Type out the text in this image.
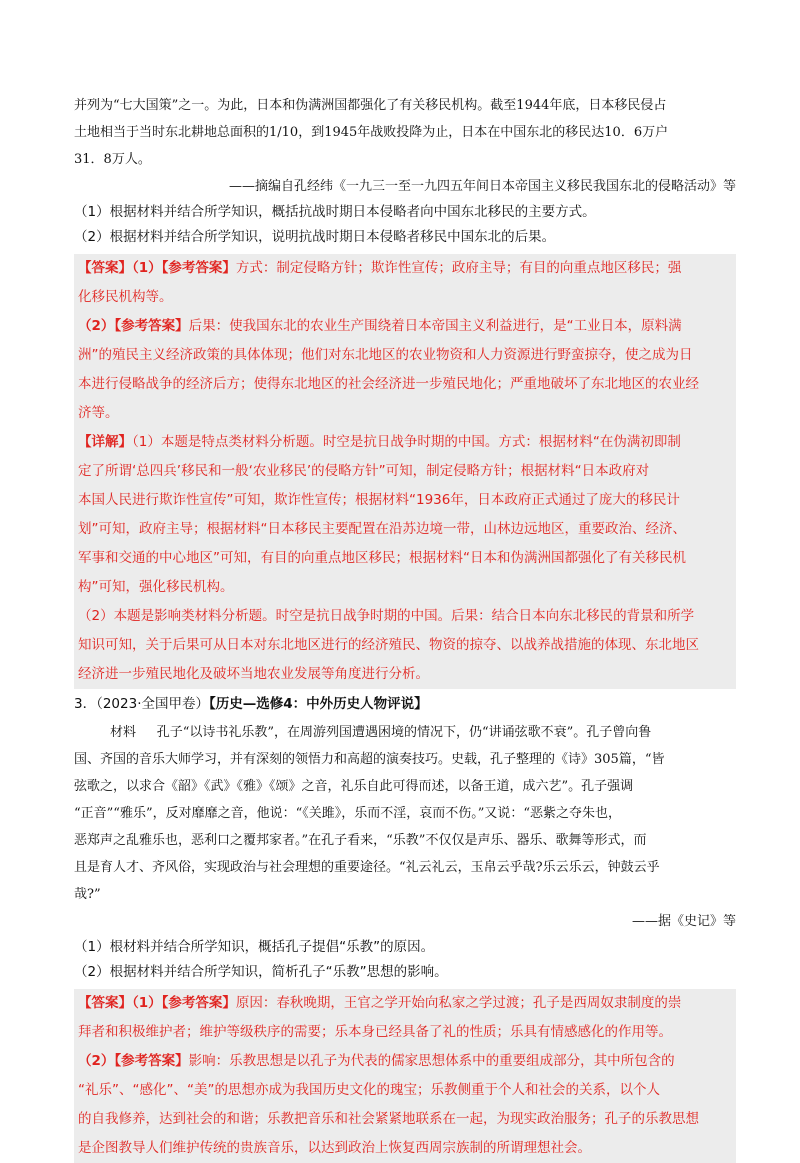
并列为“七大国策”之一。为此，日本和伪满洲国都强化了有关移民机构。截至1944年底，日本移民侵占
土地相当于当时东北耕地总面积的1/10，到1945年战败投降为止，日本在中国东北的移民达10．6万户
31．8万人。
——摘编自孔经纬《一九三一至一九四五年间日本帝国主义移民我国东北的侵略活动》等
（1）根据材料并结合所学知识，概括抗战时期日本侵略者向中国东北移民的主要方式。
（2）根据材料并结合所学知识，说明抗战时期日本侵略者移民中国东北的后果。
【答案】（1）【参考答案】方式：制定侵略方针；欺诈性宣传；政府主导；有目的向重点地区移民；强
化移民机构等。
（2）【参考答案】后果：使我国东北的农业生产围绕着日本帝国主义利益进行，是“工业日本，原料满
洲”的殖民主义经济政策的具体体现；他们对东北地区的农业物资和人力资源进行野蛮掠夺，使之成为日
本进行侵略战争的经济后方；使得东北地区的社会经济进一步殖民地化；严重地破坏了东北地区的农业经
济等。
【详解】（1）本题是特点类材料分析题。时空是抗日战争时期的中国。方式：根据材料“在伪满初即制
定了所谓‘总四兵’移民和一般‘农业移民’的侵略方针”可知，制定侵略方针；根据材料“日本政府对
本国人民进行欺诈性宣传”可知，欺诈性宣传；根据材料“1936年，日本政府正式通过了庞大的移民计
划”可知，政府主导；根据材料“日本移民主要配置在沿苏边境一带，山林边远地区，重要政治、经济、
军事和交通的中心地区”可知，有目的向重点地区移民；根据材料“日本和伪满洲国都强化了有关移民机
构”可知，强化移民机构。
（2）本题是影响类材料分析题。时空是抗日战争时期的中国。后果：结合日本向东北移民的背景和所学
知识可知，关于后果可从日本对东北地区进行的经济殖民、物资的掠夺、以战养战措施的体现、东北地区
经济进一步殖民地化及破坏当地农业发展等角度进行分析。
3．（2023·全国甲卷）【历史—选修4：中外历史人物评说】
材料 孔子“以诗书礼乐教”，在周游列国遭遇困境的情况下，仍“讲诵弦歌不衰”。孔子曾向鲁
国、齐国的音乐大师学习，并有深刻的领悟力和高超的演奏技巧。史载，孔子整理的《诗》305篇，“皆
弦歌之，以求合《韶》《武》《雅》《颂》之音，礼乐自此可得而述，以备王道，成六艺”。孔子强调
“正音”“雅乐”，反对靡靡之音，他说：“《关雎》，乐而不淫，哀而不伤。”又说：“恶紫之夺朱也，
恶郑声之乱雅乐也，恶利口之覆邦家者。”在孔子看来，“乐教”不仅仅是声乐、器乐、歌舞等形式，而
且是育人才、齐风俗，实现政治与社会理想的重要途径。“礼云礼云，玉帛云乎哉?乐云乐云，钟鼓云乎
哉?”
——据《史记》等
（1）根材料并结合所学知识，概括孔子提倡“乐教”的原因。
（2）根据材料并结合所学知识，简析孔子“乐教”思想的影响。
【答案】（1）【参考答案】原因：春秋晚期，王官之学开始向私家之学过渡；孔子是西周奴隶制度的崇
拜者和积极维护者；维护等级秩序的需要；乐本身已经具备了礼的性质；乐具有情感感化的作用等。
（2）【参考答案】影响：乐教思想是以孔子为代表的儒家思想体系中的重要组成部分，其中所包含的
“礼乐”、“感化”、“美”的思想亦成为我国历史文化的瑰宝；乐教侧重于个人和社会的关系，以个人
的自我修养，达到社会的和谐；乐教把音乐和社会紧紧地联系在一起，为现实政治服务；孔子的乐教思想
是企图教导人们维护传统的贵族音乐，以达到政治上恢复西周宗族制的所谓理想社会。
